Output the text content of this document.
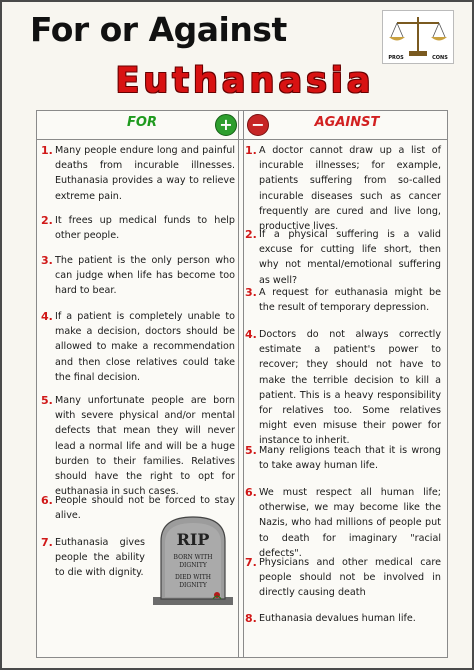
For or Against
Euthanasia
PROS	CONS
FOR	+ −	AGAINST
1. Many people endure long and painful deaths from incurable illnesses. Euthanasia provides a way to relieve extreme pain.
2. It frees up medical funds to help other people.
3. The patient is the only person who can judge when life has become too hard to bear.
4. If a patient is completely unable to make a decision, doctors should be allowed to make a recommendation and then close relatives could take the final decision.
5. Many unfortunate people are born with severe physical and/or mental defects that mean they will never lead a normal life and will be a huge burden to their families. Relatives should have the right to opt for euthanasia in such cases.
6. People should not be forced to stay alive.
7. Euthanasia gives people the ability to die with dignity.
RIP
BORN WITH
DIGNITY
DIED WITH
DIGNITY
1. A doctor cannot draw up a list of incurable illnesses; for example, patients suffering from so-called incurable diseases such as cancer frequently are cured and live long, productive lives.
2. If a physical suffering is a valid excuse for cutting life short, then why not mental/emotional suffering as well?
3. A request for euthanasia might be the result of temporary depression.
4. Doctors do not always correctly estimate a patient's power to recover; they should not have to make the terrible decision to kill a patient. This is a heavy responsibility for relatives too. Some relatives might even misuse their power for instance to inherit.
5. Many religions teach that it is wrong to take away human life.
6. We must respect all human life; otherwise, we may become like the Nazis, who had millions of people put to death for imaginary "racial defects".
7. Physicians and other medical care people should not be involved in directly causing death
8. Euthanasia devalues human life.
